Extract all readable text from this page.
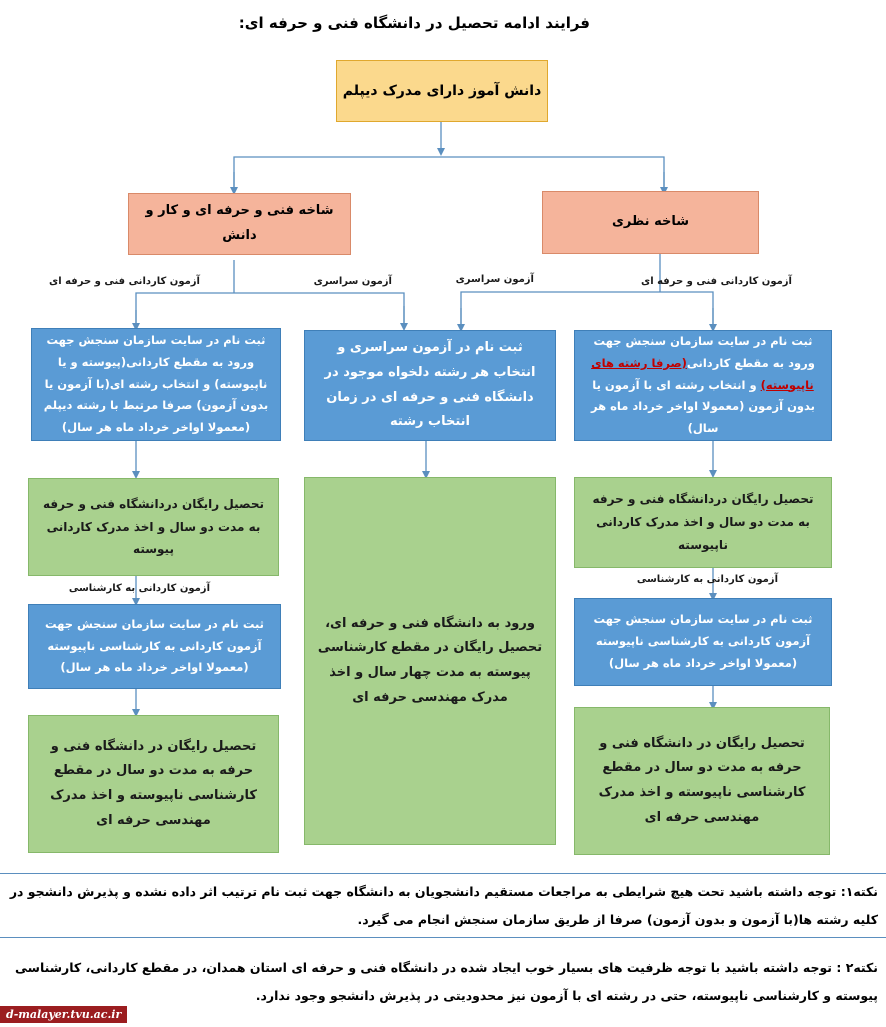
فرایند ادامه تحصیل در دانشگاه فنی و حرفه ای:
دانش آموز دارای مدرک دیپلم
شاخه فنی و حرفه ای و کار و دانش
شاخه نظری
آزمون کاردانی فنی و حرفه ای	آزمون سراسری	آزمون سراسری	آزمون کاردانی فنی و حرفه ای
آزمون کاردانی به کارشناسی
آزمون کاردانی به کارشناسی
ثبت نام در سایت سازمان سنجش جهت ورود به مقطع کاردانی(پیوسته و یا ناپیوسته) و انتخاب رشته ای(با آزمون یا بدون آزمون) صرفا مرتبط با رشته دیپلم (معمولا اواخر خرداد ماه هر سال)
تحصیل رایگان دردانشگاه فنی و حرفه به مدت دو سال و اخذ مدرک کاردانی پیوسته
ثبت نام در سایت سازمان سنجش جهت آزمون کاردانی به کارشناسی ناپیوسته (معمولا اواخر خرداد ماه هر سال)
تحصیل رایگان در دانشگاه فنی و حرفه به مدت دو سال در مقطع کارشناسی ناپیوسته و اخذ مدرک مهندسی حرفه ای
ثبت نام در آزمون سراسری و انتخاب هر رشته دلخواه موجود در دانشگاه فنی و حرفه ای در زمان انتخاب رشته
ورود به دانشگاه فنی و حرفه ای، تحصیل رایگان در مقطع کارشناسی پیوسته به مدت چهار سال و اخذ مدرک مهندسی حرفه ای
ثبت نام در سایت سازمان سنجش جهت ورود به مقطع کاردانی(صرفا رشته های ناپیوسته) و انتخاب رشته ای با آزمون یا بدون آزمون (معمولا اواخر خرداد ماه هر سال)
تحصیل رایگان دردانشگاه فنی و حرفه به مدت دو سال و اخذ مدرک کاردانی ناپیوسته
ثبت نام در سایت سازمان سنجش جهت آزمون کاردانی به کارشناسی ناپیوسته (معمولا اواخر خرداد ماه هر سال)
تحصیل رایگان در دانشگاه فنی و حرفه به مدت دو سال در مقطع کارشناسی ناپیوسته و اخذ مدرک مهندسی حرفه ای
نکته۱: توجه داشته باشید تحت هیچ شرایطی به مراجعات مستقیم دانشجویان به دانشگاه جهت ثبت نام ترتیب اثر داده نشده و پذیرش دانشجو در کلیه رشته ها(با آزمون و بدون آزمون) صرفا از طریق سازمان سنجش انجام می گیرد.
نکته۲ : توجه داشته باشید با توجه ظرفیت های بسیار خوب ایجاد شده در دانشگاه فنی و حرفه ای استان همدان، در مقطع کاردانی، کارشناسی پیوسته و کارشناسی ناپیوسته، حتی در رشته ای با آزمون نیز محدودیتی در پذیرش دانشجو وجود ندارد.
d-malayer.tvu.ac.ir
